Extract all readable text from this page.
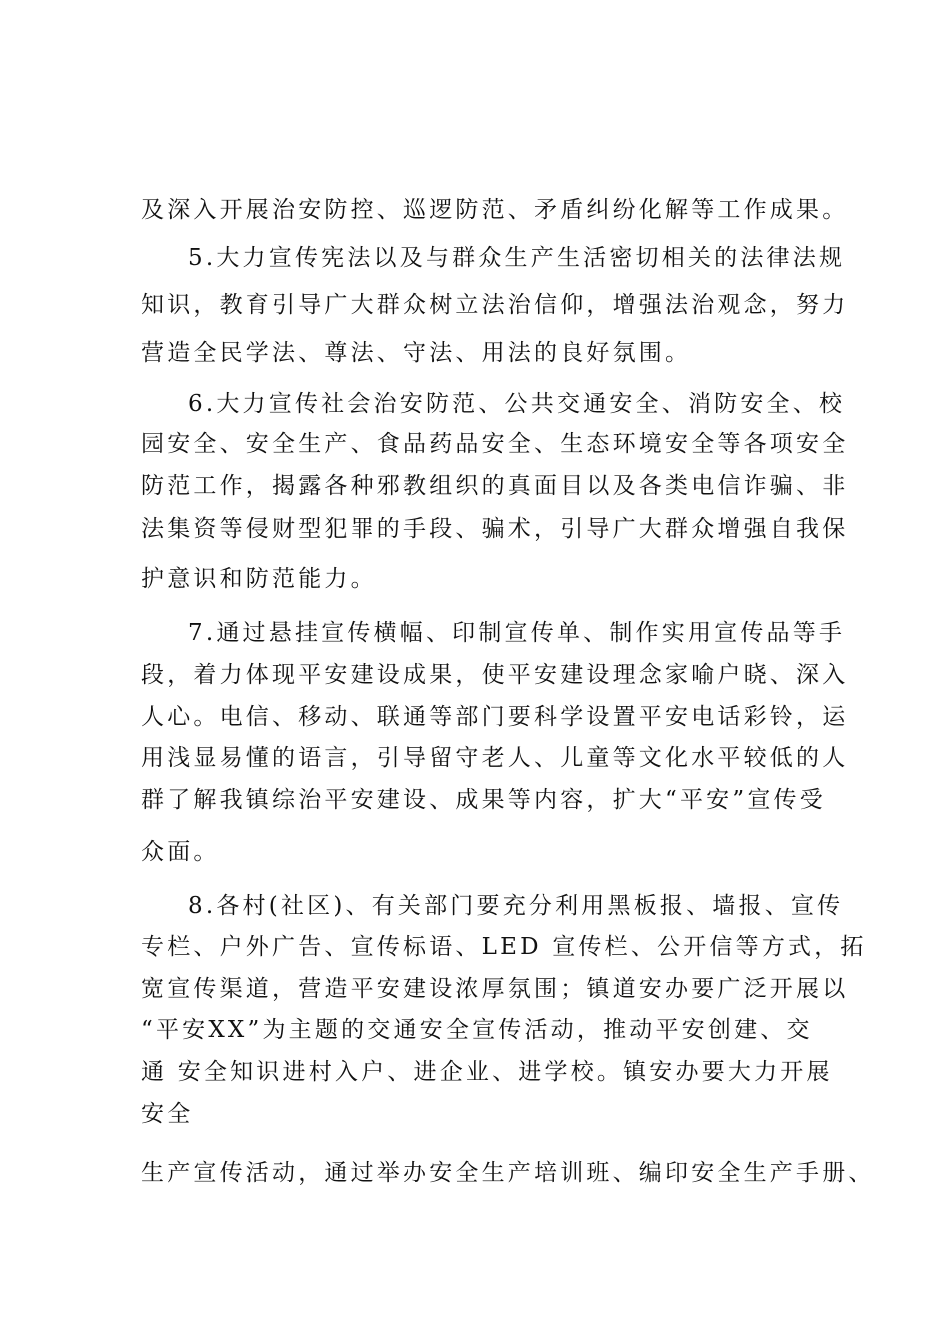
及深入开展治安防控、巡逻防范、矛盾纠纷化解等工作成果。
5.大力宣传宪法以及与群众生产生活密切相关的法律法规
知识，教育引导广大群众树立法治信仰，增强法治观念，努力
营造全民学法、尊法、守法、用法的良好氛围。
6.大力宣传社会治安防范、公共交通安全、消防安全、校
园安全、安全生产、食品药品安全、生态环境安全等各项安全
防范工作，揭露各种邪教组织的真面目以及各类电信诈骗、非
法集资等侵财型犯罪的手段、骗术，引导广大群众增强自我保
护意识和防范能力。
7.通过悬挂宣传横幅、印制宣传单、制作实用宣传品等手
段，着力体现平安建设成果，使平安建设理念家喻户晓、深入
人心。电信、移动、联通等部门要科学设置平安电话彩铃，运
用浅显易懂的语言，引导留守老人、儿童等文化水平较低的人
群了解我镇综治平安建设、成果等内容，扩大“平安”宣传受
众面。
8.各村(社区)、有关部门要充分利用黑板报、墙报、宣传
专栏、户外广告、宣传标语、LED 宣传栏、公开信等方式，拓
宽宣传渠道，营造平安建设浓厚氛围；镇道安办要广泛开展以
“平安XX”为主题的交通安全宣传活动，推动平安创建、交
通 安全知识进村入户、进企业、进学校。镇安办要大力开展
安全
生产宣传活动，通过举办安全生产培训班、编印安全生产手册、
